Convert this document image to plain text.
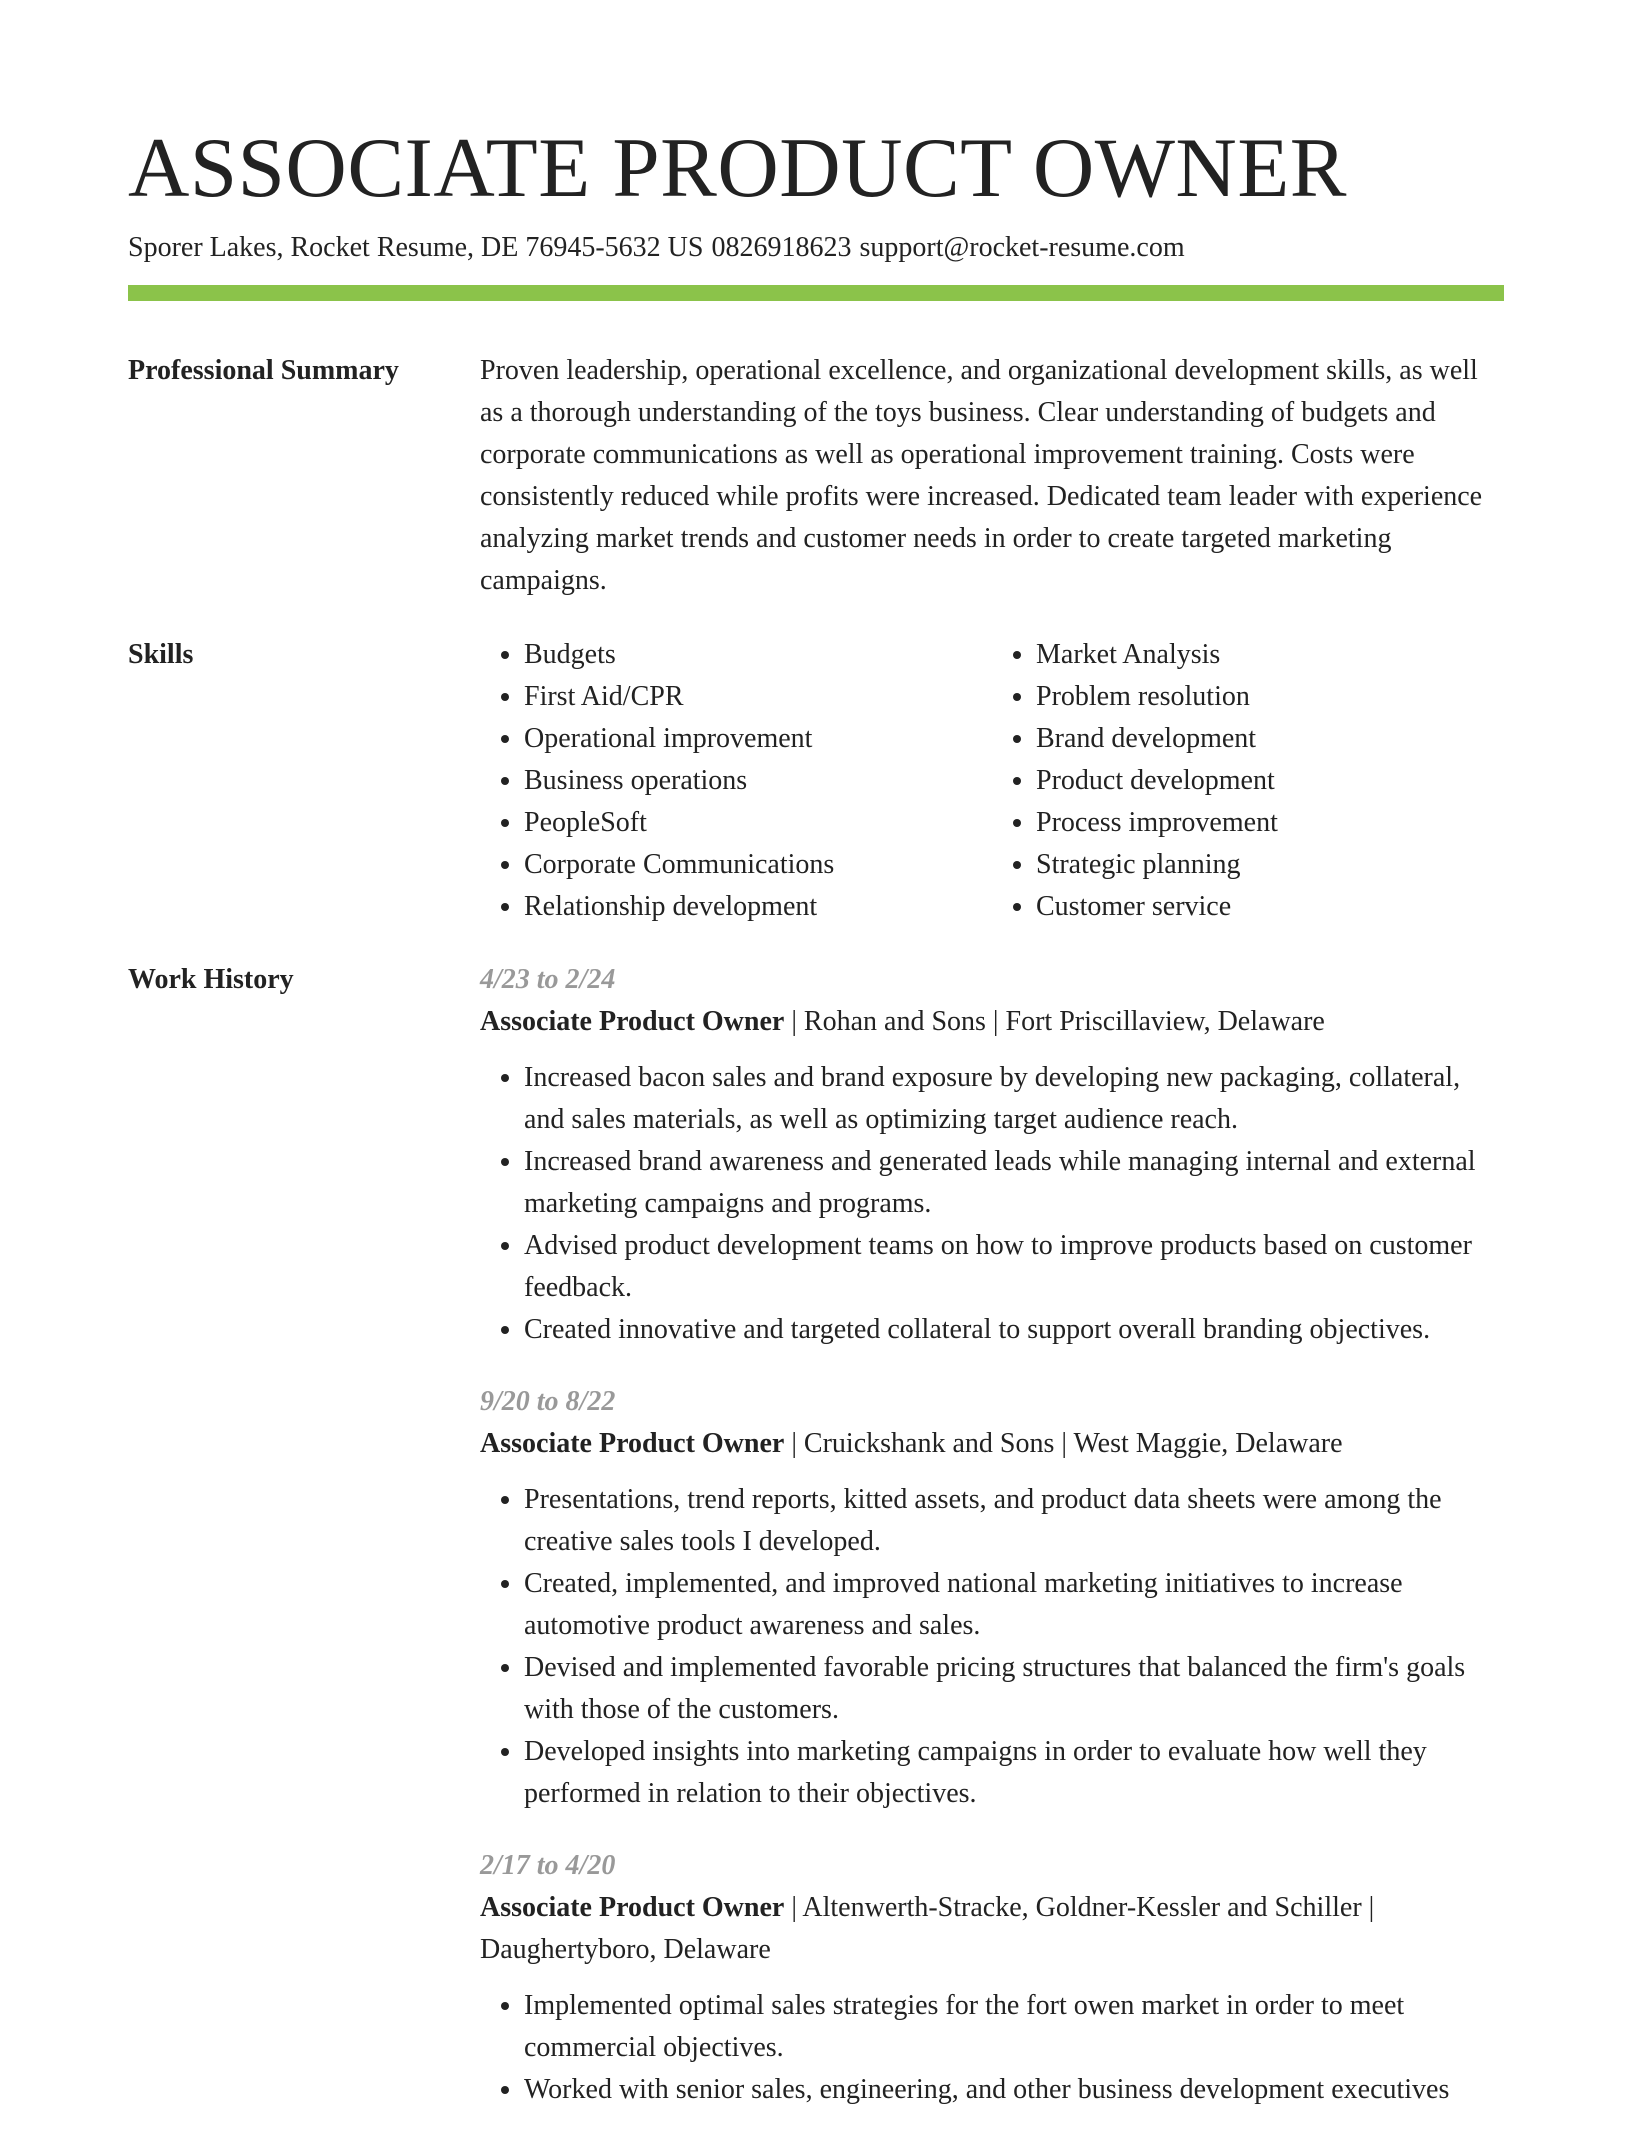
ASSOCIATE PRODUCT OWNER
Sporer Lakes, Rocket Resume, DE 76945-5632 US 0826918623 support@rocket-resume.com
Professional Summary	Proven leadership, operational excellence, and organizational development skills, as well as a thorough understanding of the toys business. Clear understanding of budgets and corporate communications as well as operational improvement training. Costs were consistently reduced while profits were increased. Dedicated team leader with experience analyzing market trends and customer needs in order to create targeted marketing campaigns.

Skills
•	Budgets
• First Aid/CPR
• Operational improvement
• Business operations
• PeopleSoft
• Corporate Communications
• Relationship development
• Market Analysis
• Problem resolution
• Brand development
• Product development
• Process improvement
• Strategic planning
• Customer service
Work History	4/23 to 2/24
Associate Product Owner | Rohan and Sons | Fort Priscillaview, Delaware
• Increased bacon sales and brand exposure by developing new packaging, collateral, and sales materials, as well as optimizing target audience reach.
• Increased brand awareness and generated leads while managing internal and external marketing campaigns and programs.
• Advised product development teams on how to improve products based on customer feedback.
• Created innovative and targeted collateral to support overall branding objectives.
9/20 to 8/22
Associate Product Owner | Cruickshank and Sons | West Maggie, Delaware
• Presentations, trend reports, kitted assets, and product data sheets were among the creative sales tools I developed.
• Created, implemented, and improved national marketing initiatives to increase automotive product awareness and sales.
• Devised and implemented favorable pricing structures that balanced the firm's goals with those of the customers.
• Developed insights into marketing campaigns in order to evaluate how well they performed in relation to their objectives.
2/17 to 4/20
Associate Product Owner | Altenwerth-Stracke, Goldner-Kessler and Schiller | Daughertyboro, Delaware
• Implemented optimal sales strategies for the fort owen market in order to meet commercial objectives.
• Worked with senior sales, engineering, and other business development executives
